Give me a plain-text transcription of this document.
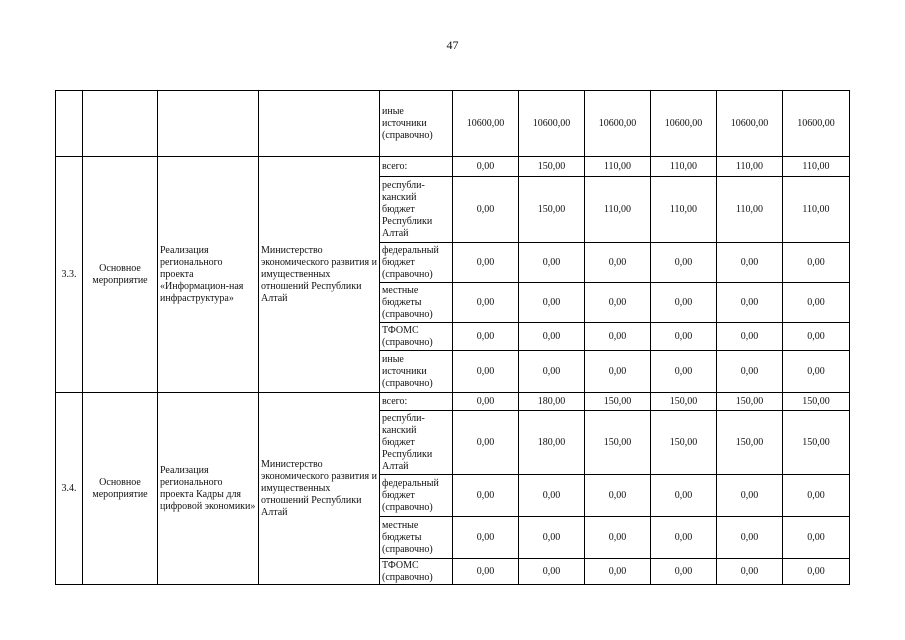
47
				иные источники (справочно)	10600,00	10600,00	10600,00	10600,00	10600,00	10600,00
3.3.	Основное мероприятие	Реализация регионального проекта «Информацион-ная инфраструктура»	Министерство экономического развития и имущественных отношений Республики Алтай	всего:	0,00	150,00	110,00	110,00	110,00	110,00
				республи-канский бюджет Республики Алтай	0,00	150,00	110,00	110,00	110,00	110,00
				федеральный бюджет (справочно)	0,00	0,00	0,00	0,00	0,00	0,00
				местные бюджеты (справочно)	0,00	0,00	0,00	0,00	0,00	0,00
				ТФОМС (справочно)	0,00	0,00	0,00	0,00	0,00	0,00
				иные источники (справочно)	0,00	0,00	0,00	0,00	0,00	0,00
3.4.	Основное мероприятие	Реализация регионального проекта Кадры для цифровой экономики»	Министерство экономического развития и имущественных отношений Республики Алтай	всего:	0,00	180,00	150,00	150,00	150,00	150,00
				республи-канский бюджет Республики Алтай	0,00	180,00	150,00	150,00	150,00	150,00
				федеральный бюджет (справочно)	0,00	0,00	0,00	0,00	0,00	0,00
				местные бюджеты (справочно)	0,00	0,00	0,00	0,00	0,00	0,00
				ТФОМС (справочно)	0,00	0,00	0,00	0,00	0,00	0,00
